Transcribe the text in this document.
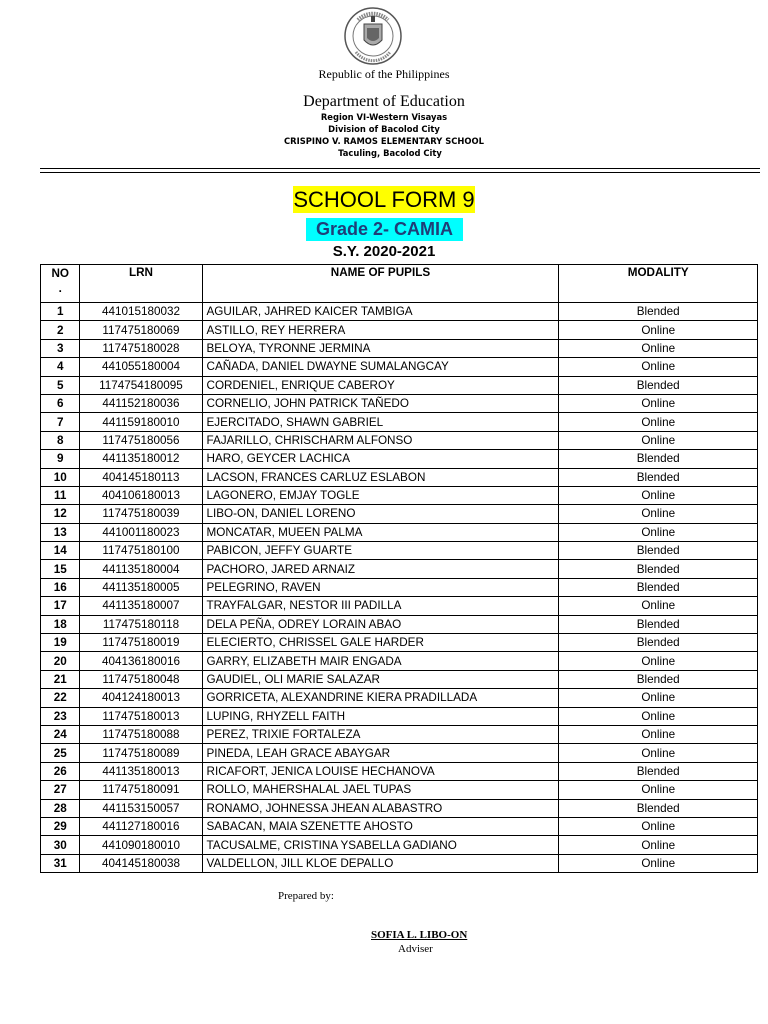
Republic of the Philippines
Department of Education
Region VI-Western Visayas
Division of Bacolod City
CRISPINO V. RAMOS ELEMENTARY SCHOOL
Taculing, Bacolod City
SCHOOL FORM 9
Grade 2- CAMIA
S.Y. 2020-2021
NO
.	LRN	NAME OF PUPILS	MODALITY
1	441015180032	AGUILAR, JAHRED KAICER TAMBIGA	Blended
2	117475180069	ASTILLO, REY HERRERA	Online
3	117475180028	BELOYA, TYRONNE JERMINA	Online
4	441055180004	CAÑADA, DANIEL DWAYNE SUMALANGCAY	Online
5	1174754180095	CORDENIEL, ENRIQUE CABEROY	Blended
6	441152180036	CORNELIO, JOHN PATRICK TAÑEDO	Online
7	441159180010	EJERCITADO, SHAWN GABRIEL	Online
8	117475180056	FAJARILLO, CHRISCHARM ALFONSO	Online
9	441135180012	HARO, GEYCER LACHICA	Blended
10	404145180113	LACSON, FRANCES CARLUZ ESLABON	Blended
11	404106180013	LAGONERO, EMJAY TOGLE	Online
12	117475180039	LIBO-ON, DANIEL LORENO	Online
13	441001180023	MONCATAR, MUEEN PALMA	Online
14	117475180100	PABICON, JEFFY GUARTE	Blended
15	441135180004	PACHORO, JARED ARNAIZ	Blended
16	441135180005	PELEGRINO, RAVEN	Blended
17	441135180007	TRAYFALGAR, NESTOR III PADILLA	Online
18	117475180118	DELA PEÑA, ODREY LORAIN ABAO	Blended
19	117475180019	ELECIERTO, CHRISSEL GALE HARDER	Blended
20	404136180016	GARRY, ELIZABETH MAIR ENGADA	Online
21	117475180048	GAUDIEL, OLI MARIE SALAZAR	Blended
22	404124180013	GORRICETA, ALEXANDRINE KIERA PRADILLADA	Online
23	117475180013	LUPING, RHYZELL FAITH	Online
24	117475180088	PEREZ, TRIXIE FORTALEZA	Online
25	117475180089	PINEDA, LEAH GRACE ABAYGAR	Online
26	441135180013	RICAFORT, JENICA LOUISE HECHANOVA	Blended
27	117475180091	ROLLO, MAHERSHALAL JAEL TUPAS	Online
28	441153150057	RONAMO, JOHNESSA JHEAN ALABASTRO	Blended
29	441127180016	SABACAN, MAIA SZENETTE AHOSTO	Online
30	441090180010	TACUSALME, CRISTINA YSABELLA GADIANO	Online
31	404145180038	VALDELLON, JILL KLOE DEPALLO	Online
Prepared by:
SOFIA L. LIBO-ON
Adviser
